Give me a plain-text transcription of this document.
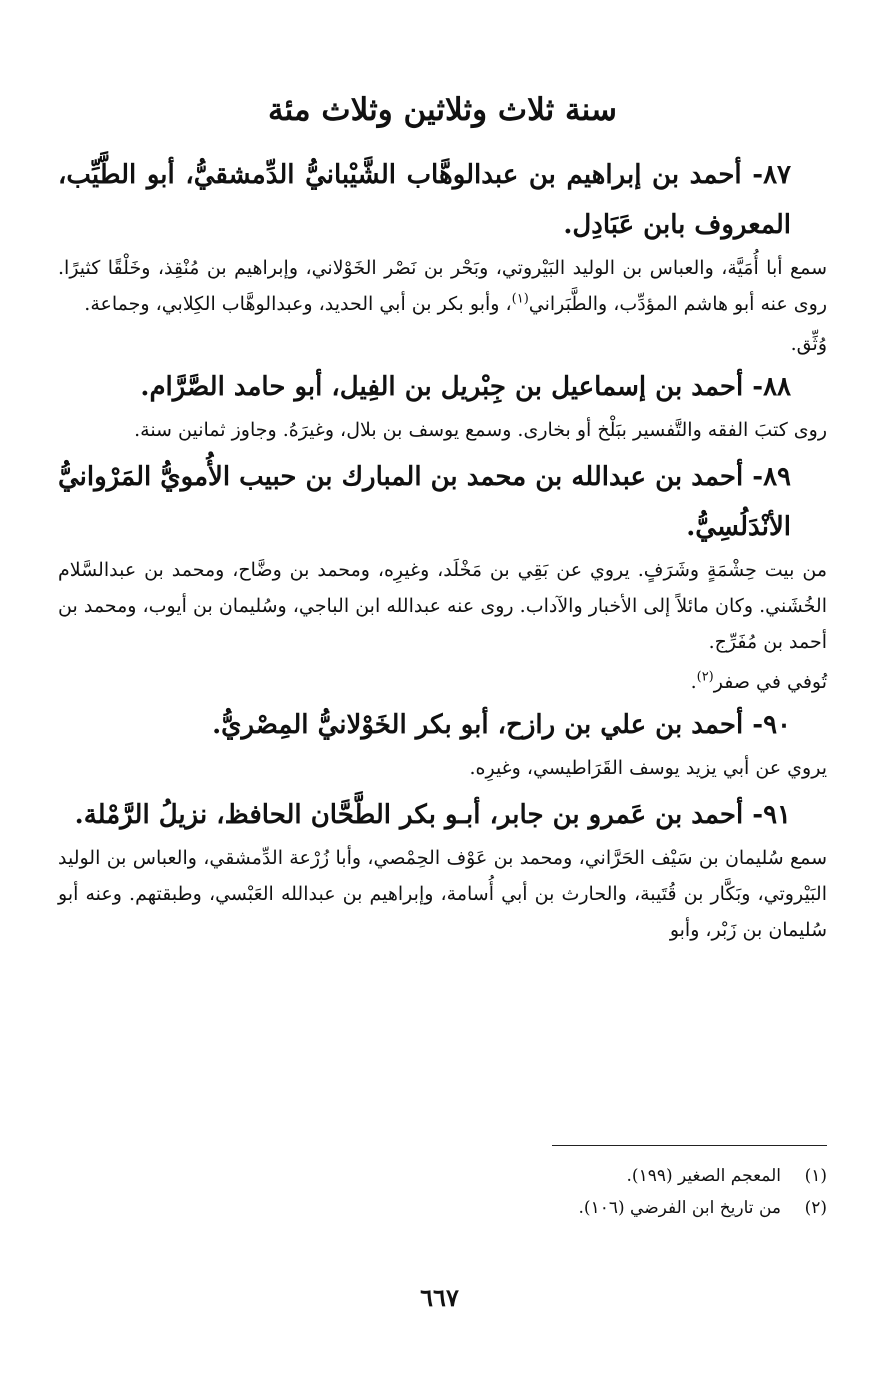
سنة ثلاث وثلاثين وثلاث مئة

٨٧- أحمد بن إبراهيم بن عبدالوهَّاب الشَّيْبانيُّ الدِّمشقيُّ، أبو الطَّيِّب، المعروف بابن عَبَادِل.

سمع أبا أُمَيَّة، والعباس بن الوليد البَيْروتي، وبَحْر بن نَصْر الخَوْلاني، وإبراهيم بن مُنْقِذ، وخَلْقًا كثيرًا. روى عنه أبو هاشم المؤدِّب، والطَّبَراني$^{(١)}$، وأبو بكر بن أبي الحديد، وعبدالوهَّاب الكِلابي، وجماعة.

وُثِّق.

٨٨- أحمد بن إسماعيل بن جِبْريل بن الفِيل، أبو حامد الصَّرَّام.

روى كتبَ الفقه والتَّفسير ببَلْخ أو بخارى. وسمع يوسف بن بلال، وغيرَهُ. وجاوز ثمانين سنة.

٨٩- أحمد بن عبدالله بن محمد بن المبارك بن حبيب الأُمويُّ المَرْوانيُّ الأنْدَلُسِيُّ.

من بيت حِشْمَةٍ وشَرَفٍ. يروي عن بَقِي بن مَخْلَد، وغيرِه، ومحمد بن وضَّاح، ومحمد بن عبدالسَّلام الخُشَني. وكان مائلاً إلى الأخبار والآداب. روى عنه عبدالله ابن الباجي، وسُليمان بن أيوب، ومحمد بن أحمد بن مُفَرِّج.

تُوفي في صفر$^{(٢)}$.

٩٠- أحمد بن علي بن رازح، أبو بكر الخَوْلانيُّ المِصْريُّ.

يروي عن أبي يزيد يوسف القَرَاطيسي، وغيرِه.

٩١- أحمد بن عَمرو بن جابر، أبـو بكر الطَّحَّان الحافظ، نزيلُ الرَّمْلة.

سمع سُليمان بن سَيْف الحَرَّاني، ومحمد بن عَوْف الحِمْصي، وأبا زُرْعة الدِّمشقي، والعباس بن الوليد البَيْروتي، وبَكَّار بن قُتَيبة، والحارث بن أبي أُسامة، وإبراهيم بن عبدالله العَبْسي، وطبقتهم. وعنه أبو سُليمان بن زَبْر، وأبو

(١)
المعجم الصغير (١٩٩).
(٢)
من تاريخ ابن الفرضي (١٠٦).
٦٦٧
